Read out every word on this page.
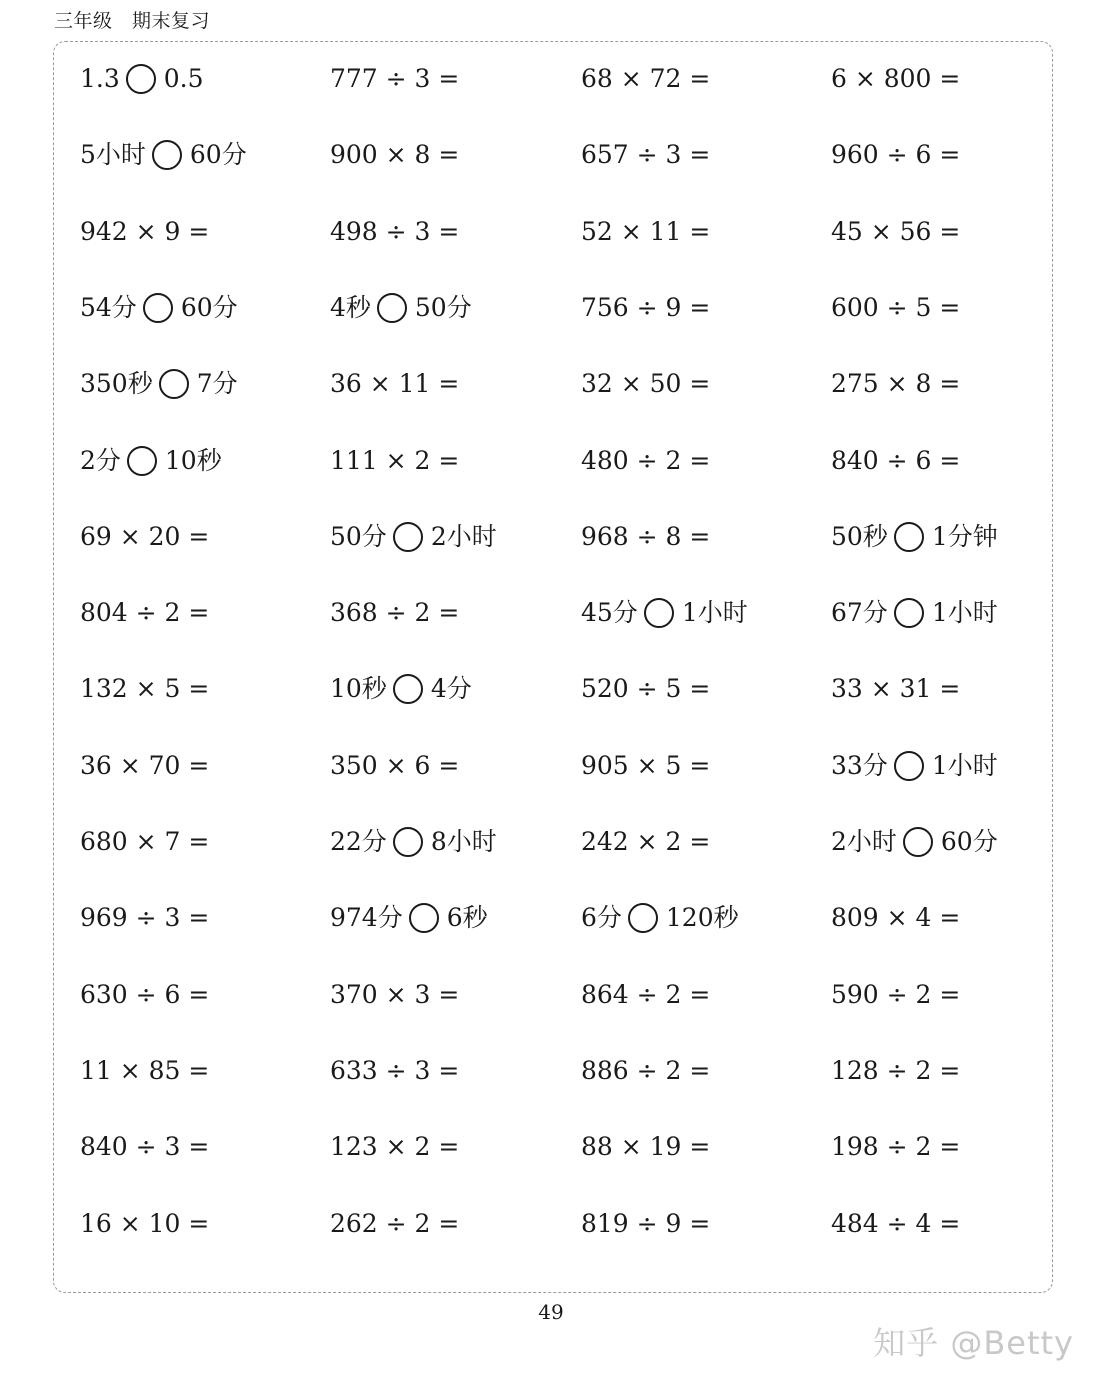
三年级　期末复习
1.3 0.5	777 ÷ 3 =	68 × 72 =	6 × 800 =
5小时 60分	900 × 8 =	657 ÷ 3 =	960 ÷ 6 =
942 × 9 =	498 ÷ 3 =	52 × 11 =	45 × 56 =
54分 60分	4秒 50分	756 ÷ 9 =	600 ÷ 5 =
350秒 7分	36 × 11 =	32 × 50 =	275 × 8 =
2分 10秒	111 × 2 =	480 ÷ 2 =	840 ÷ 6 =
69 × 20 =	50分 2小时	968 ÷ 8 =	50秒 1分钟
804 ÷ 2 =	368 ÷ 2 =	45分 1小时	67分 1小时
132 × 5 =	10秒 4分	520 ÷ 5 =	33 × 31 =
36 × 70 =	350 × 6 =	905 × 5 =	33分 1小时
680 × 7 =	22分 8小时	242 × 2 =	2小时 60分
969 ÷ 3 =	974分 6秒	6分 120秒	809 × 4 =
630 ÷ 6 =	370 × 3 =	864 ÷ 2 =	590 ÷ 2 =
11 × 85 =	633 ÷ 3 =	886 ÷ 2 =	128 ÷ 2 =
840 ÷ 3 =	123 × 2 =	88 × 19 =	198 ÷ 2 =
16 × 10 =	262 ÷ 2 =	819 ÷ 9 =	484 ÷ 4 =
49
知乎 @Betty
